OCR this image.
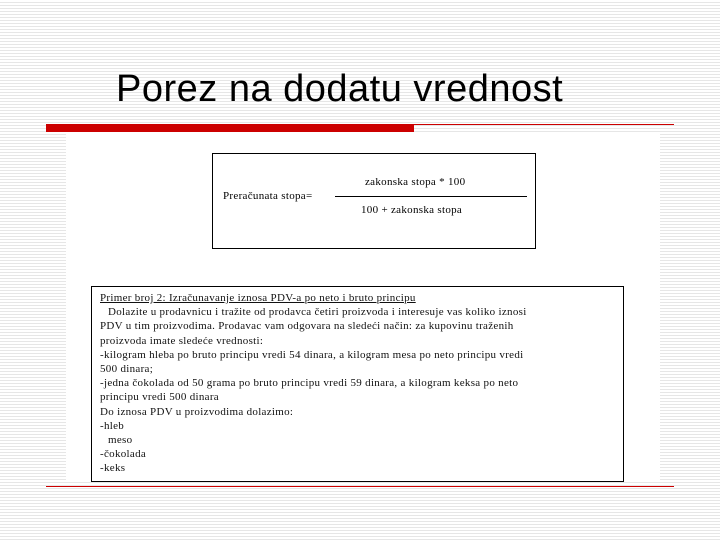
Porez na dodatu vrednost
Preračunata stopa=
zakonska stopa * 100
100 + zakonska stopa
Primer broj 2: Izračunavanje iznosa PDV-a po neto i bruto principu
Dolazite u prodavnicu i tražite od prodavca četiri proizvoda i interesuje vas koliko iznosi
PDV u tim proizvodima. Prodavac vam odgovara na sledeći način: za kupovinu traženih
proizvoda imate sledeće vrednosti:
-kilogram hleba po bruto principu vredi 54 dinara, a kilogram mesa po neto principu vredi
500 dinara;
-jedna čokolada od 50 grama po bruto principu vredi 59 dinara, a kilogram keksa po neto
principu vredi 500 dinara
Do iznosa PDV u proizvodima dolazimo:
-hleb
meso
-čokolada
-keks
